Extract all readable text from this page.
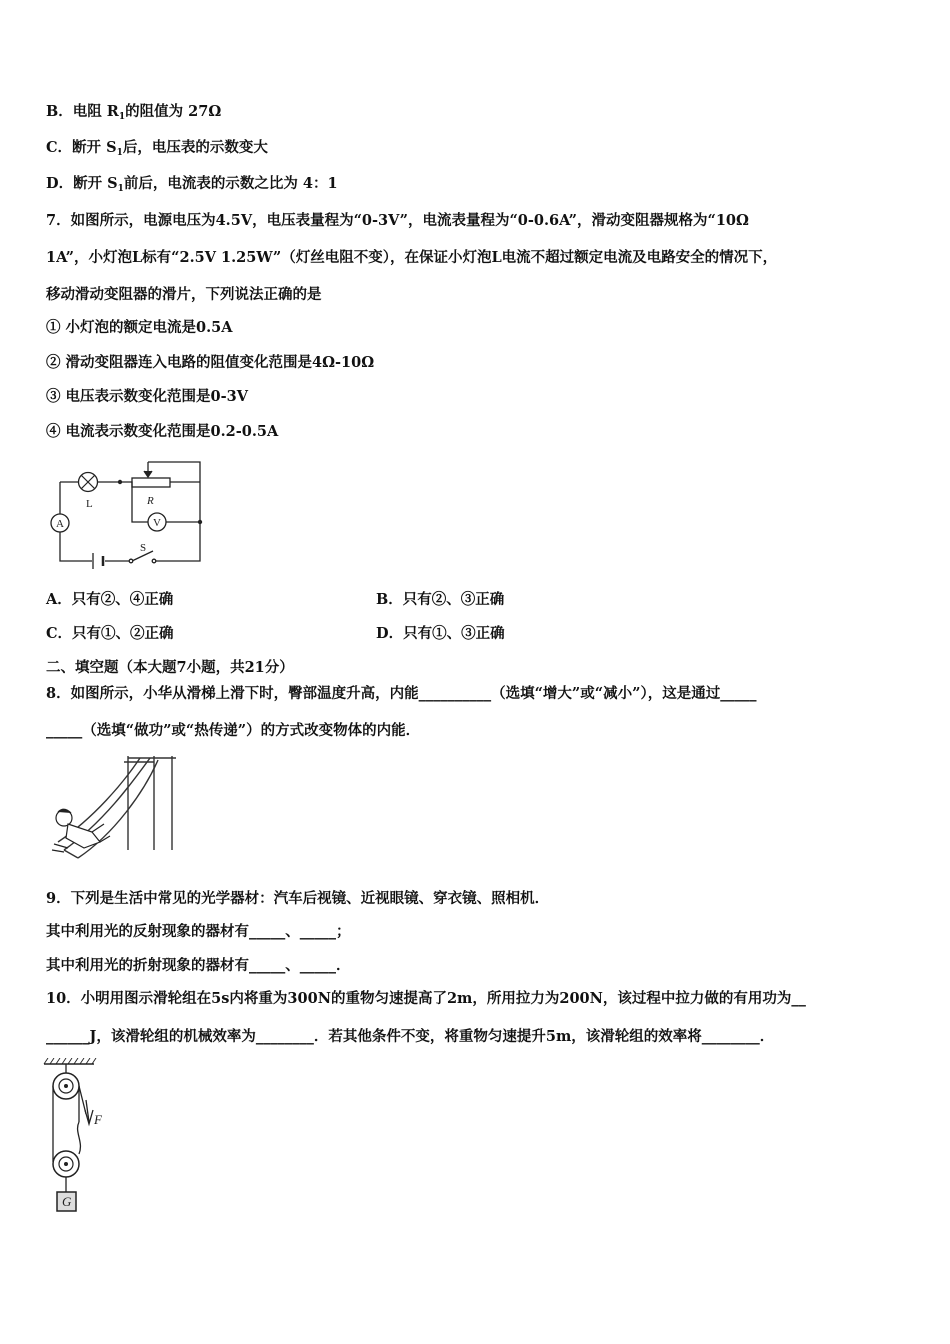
B．电阻 $R_1$的阻值为 27Ω
C．断开 $S_1$后，电压表的示数变大
D．断开 $S_1$前后，电流表的示数之比为 4：1
7．如图所示，电源电压为4.5V，电压表量程为“0-3V”，电流表量程为“0-0.6A”，滑动变阻器规格为“10Ω
1A”，小灯泡L标有“2.5V 1.25W”（灯丝电阻不变），在保证小灯泡L电流不超过额定电流及电路安全的情况下，
移动滑动变阻器的滑片，下列说法正确的是
① 小灯泡的额定电流是0.5A
② 滑动变阻器连入电路的阻值变化范围是4Ω-10Ω
③ 电压表示数变化范围是0-3V
④ 电流表示数变化范围是0.2-0.5A
L	R
A	V
S
A．只有②、④正确	B．只有②、③正确
C．只有①、②正确	D．只有①、③正确
二、填空题（本大题7小题，共21分）
8．如图所示，小华从滑梯上滑下时，臀部温度升高，内能__________（选填“增大”或“减小”），这是通过_____
_____（选填“做功”或“热传递”）的方式改变物体的内能．
9．下列是生活中常见的光学器材：汽车后视镜、近视眼镜、穿衣镜、照相机．
其中利用光的反射现象的器材有_____、_____；
其中利用光的折射现象的器材有_____、_____．
10．小明用图示滑轮组在5s内将重为300N的重物匀速提高了2m，所用拉力为200N，该过程中拉力做的有用功为__
______J，该滑轮组的机械效率为________．若其他条件不变，将重物匀速提升5m，该滑轮组的效率将________．
F
G
